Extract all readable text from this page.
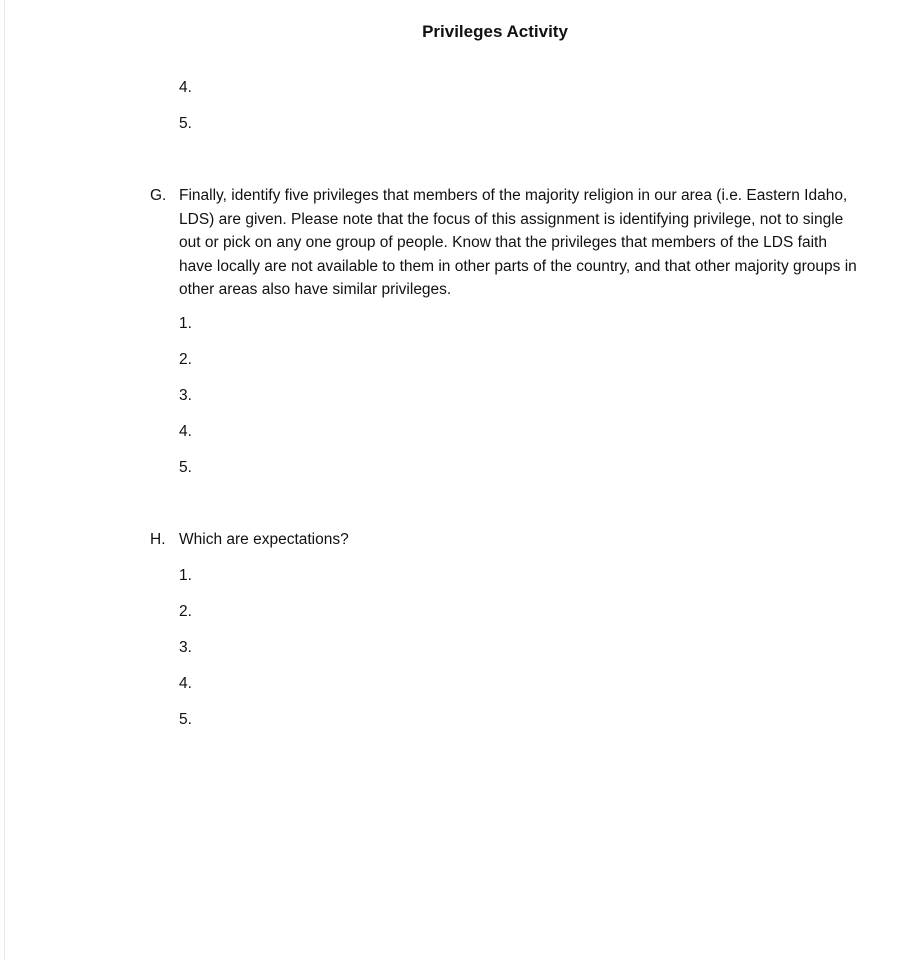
Privileges Activity
4.
5.
G. Finally, identify five privileges that members of the majority religion in our area (i.e. Eastern Idaho, LDS) are given. Please note that the focus of this assignment is identifying privilege, not to single out or pick on any one group of people. Know that the privileges that members of the LDS faith have locally are not available to them in other parts of the country, and that other majority groups in other areas also have similar privileges.
1.
2.
3.
4.
5.
H. Which are expectations?
1.
2.
3.
4.
5.
